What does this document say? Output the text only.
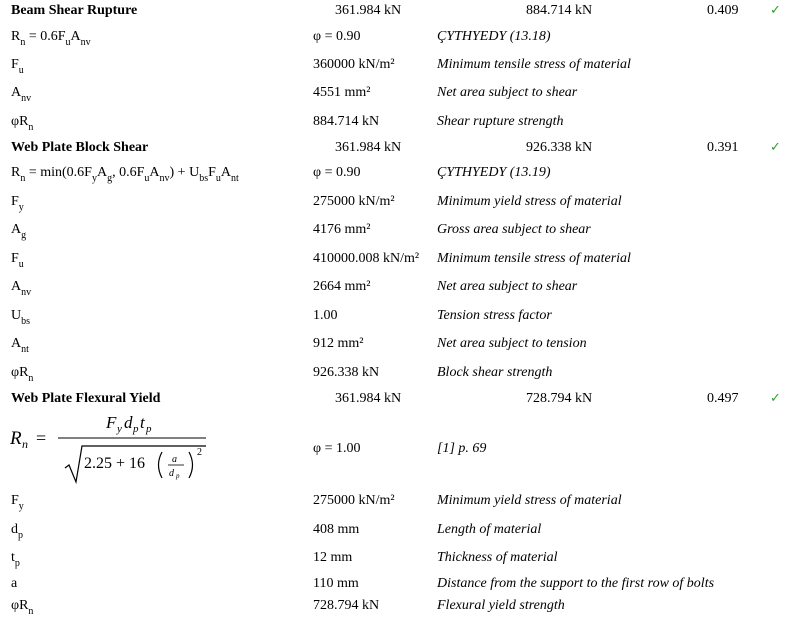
Beam Shear Rupture	361.984 kN	884.714 kN	0.409 ✓
$R_n = 0.6F_uA_{nv}$	φ = 0.90	ÇYTHYEDY (13.18)
$F_u$	360000 kN/m²	Minimum tensile stress of material
$A_{nv}$	4551 mm²	Net area subject to shear
$\varphi R_n$	884.714 kN	Shear rupture strength
Web Plate Block Shear	361.984 kN	926.338 kN	0.391 ✓
$R_n = \min(0.6F_yA_g$, $0.6F_uA_{nv}) + U_{bs}F_uA_{nt}$	φ = 0.90	ÇYTHYEDY (13.19)
$F_y$	275000 kN/m²	Minimum yield stress of material
$A_g$	4176 mm²	Gross area subject to shear
$F_u$	410000.008 kN/m² Minimum tensile stress of material
$A_{nv}$	2664 mm²	Net area subject to shear
$U_{bs}$	1.00	Tension stress factor
$A_{nt}$	912 mm²	Net area subject to tension
$\varphi R_n$	926.338 kN	Block shear strength
Web Plate Flexural Yield	361.984 kN	728.794 kN	0.497 ✓
R n =
F y d p t p
2.25 + 16	a
d p
2	φ = 1.00	[1] p. 69
$F_y$	275000 kN/m²	Minimum yield stress of material
$d_p$	408 mm	Length of material
$t_p$	12 mm	Thickness of material
a	110 mm	Distance from the support to the first row of bolts
$\varphi R_n$	728.794 kN	Flexural yield strength
